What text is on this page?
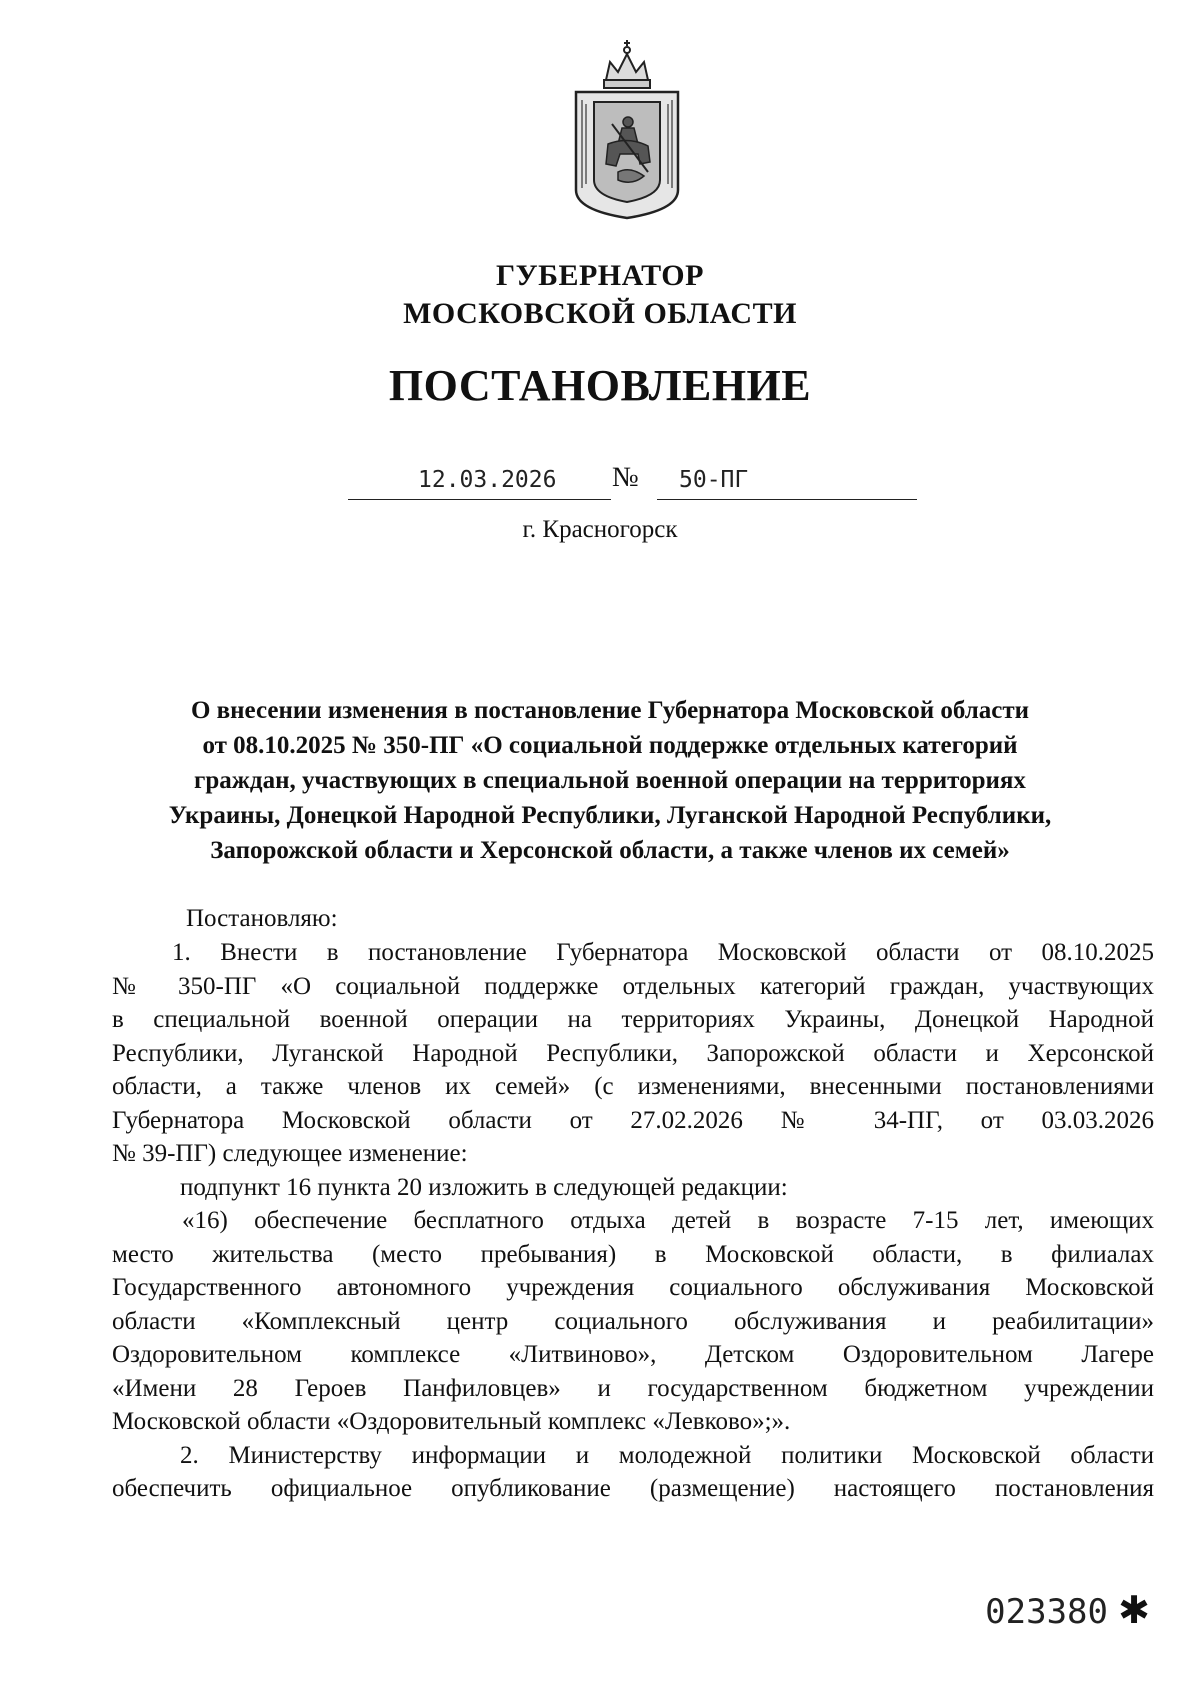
ГУБЕРНАТОР
МОСКОВСКОЙ ОБЛАСТИ
ПОСТАНОВЛЕНИЕ
12.03.2026 № 50-ПГ
г. Красногорск
О внесении изменения в постановление Губернатора Московской области
от 08.10.2025 № 350-ПГ «О социальной поддержке отдельных категорий
граждан, участвующих в специальной военной операции на территориях
Украины, Донецкой Народной Республики, Луганской Народной Республики,
Запорожской области и Херсонской области, а также членов их семей»
Постановляю:
1. Внести в постановление Губернатора Московской области от 08.10.2025
№ 350-ПГ «О социальной поддержке отдельных категорий граждан, участвующих
в специальной военной операции на территориях Украины, Донецкой Народной
Республики, Луганской Народной Республики, Запорожской области и Херсонской
области, а также членов их семей» (с изменениями, внесенными постановлениями
Губернатора Московской области от 27.02.2026 № 34-ПГ, от 03.03.2026
№ 39-ПГ) следующее изменение:
подпункт 16 пункта 20 изложить в следующей редакции:
«16) обеспечение бесплатного отдыха детей в возрасте 7-15 лет, имеющих
место жительства (место пребывания) в Московской области, в филиалах
Государственного автономного учреждения социального обслуживания Московской
области «Комплексный центр социального обслуживания и реабилитации»
Оздоровительном комплексе «Литвиново», Детском Оздоровительном Лагере
«Имени 28 Героев Панфиловцев» и государственном бюджетном учреждении
Московской области «Оздоровительный комплекс «Левково»;».
2. Министерству информации и молодежной политики Московской области
обеспечить официальное опубликование (размещение) настоящего постановления
023380 ✱
